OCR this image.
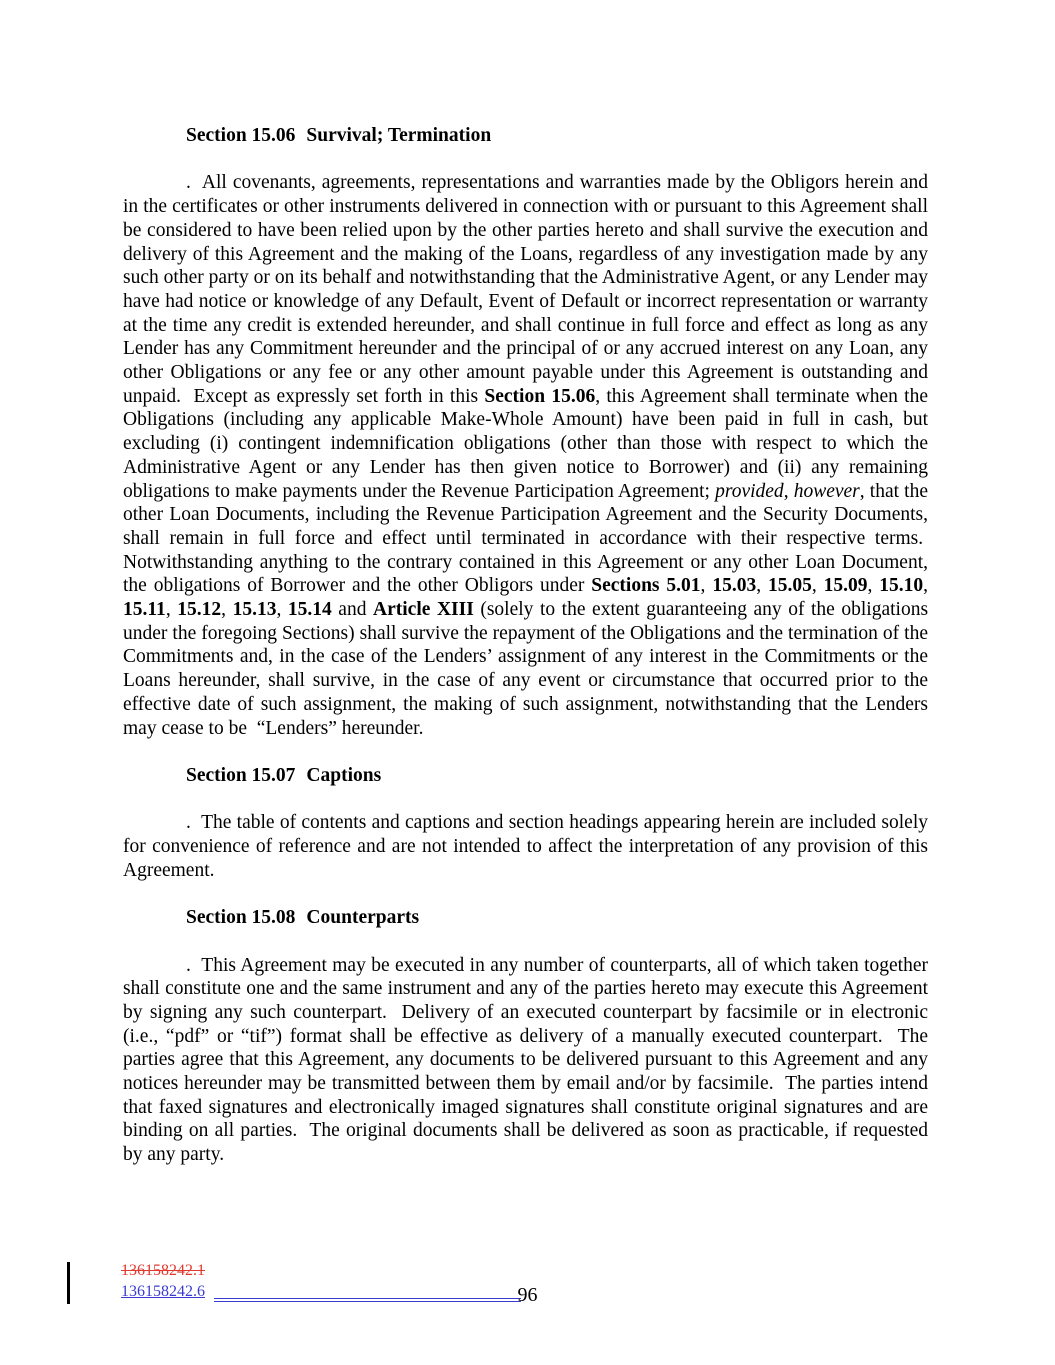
Section 15.06 Survival; Termination

.  All covenants, agreements, representations and warranties made by the Obligors herein and in the certificates or other instruments delivered in connection with or pursuant to this Agreement shall be considered to have been relied upon by the other parties hereto and shall survive the execution and delivery of this Agreement and the making of the Loans, regardless of any investigation made by any such other party or on its behalf and notwithstanding that the Administrative Agent, or any Lender may have had notice or knowledge of any Default, Event of Default or incorrect representation or warranty at the time any credit is extended hereunder, and shall continue in full force and effect as long as any Lender has any Commitment hereunder and the principal of or any accrued interest on any Loan, any other Obligations or any fee or any other amount payable under this Agreement is outstanding and unpaid.  Except as expressly set forth in this Section 15.06, this Agreement shall terminate when the Obligations (including any applicable Make-Whole Amount) have been paid in full in cash, but excluding (i) contingent indemnification obligations (other than those with respect to which the Administrative Agent or any Lender has then given notice to Borrower) and (ii) any remaining obligations to make payments under the Revenue Participation Agreement; provided, however, that the other Loan Documents, including the Revenue Participation Agreement and the Security Documents, shall remain in full force and effect until terminated in accordance with their respective terms.  Notwithstanding anything to the contrary contained in this Agreement or any other Loan Document, the obligations of Borrower and the other Obligors under Sections 5.01, 15.03, 15.05, 15.09, 15.10, 15.11, 15.12, 15.13, 15.14 and Article XIII (solely to the extent guaranteeing any of the obligations under the foregoing Sections) shall survive the repayment of the Obligations and the termination of the Commitments and, in the case of the Lenders’ assignment of any interest in the Commitments or the Loans hereunder, shall survive, in the case of any event or circumstance that occurred prior to the effective date of such assignment, the making of such assignment, notwithstanding that the Lenders may cease to be  “Lenders” hereunder.

Section 15.07 Captions

.  The table of contents and captions and section headings appearing herein are included solely for convenience of reference and are not intended to affect the interpretation of any provision of this Agreement.

Section 15.08 Counterparts

.  This Agreement may be executed in any number of counterparts, all of which taken together shall constitute one and the same instrument and any of the parties hereto may execute this Agreement by signing any such counterpart.  Delivery of an executed counterpart by facsimile or in electronic (i.e., “pdf” or “tif”) format shall be effective as delivery of a manually executed counterpart.  The parties agree that this Agreement, any documents to be delivered pursuant to this Agreement and any notices hereunder may be transmitted between them by email and/or by facsimile.  The parties intend that faxed signatures and electronically imaged signatures shall constitute original signatures and are binding on all parties.  The original documents shall be delivered as soon as practicable, if requested by any party.

136158242.1
136158242.6	96
